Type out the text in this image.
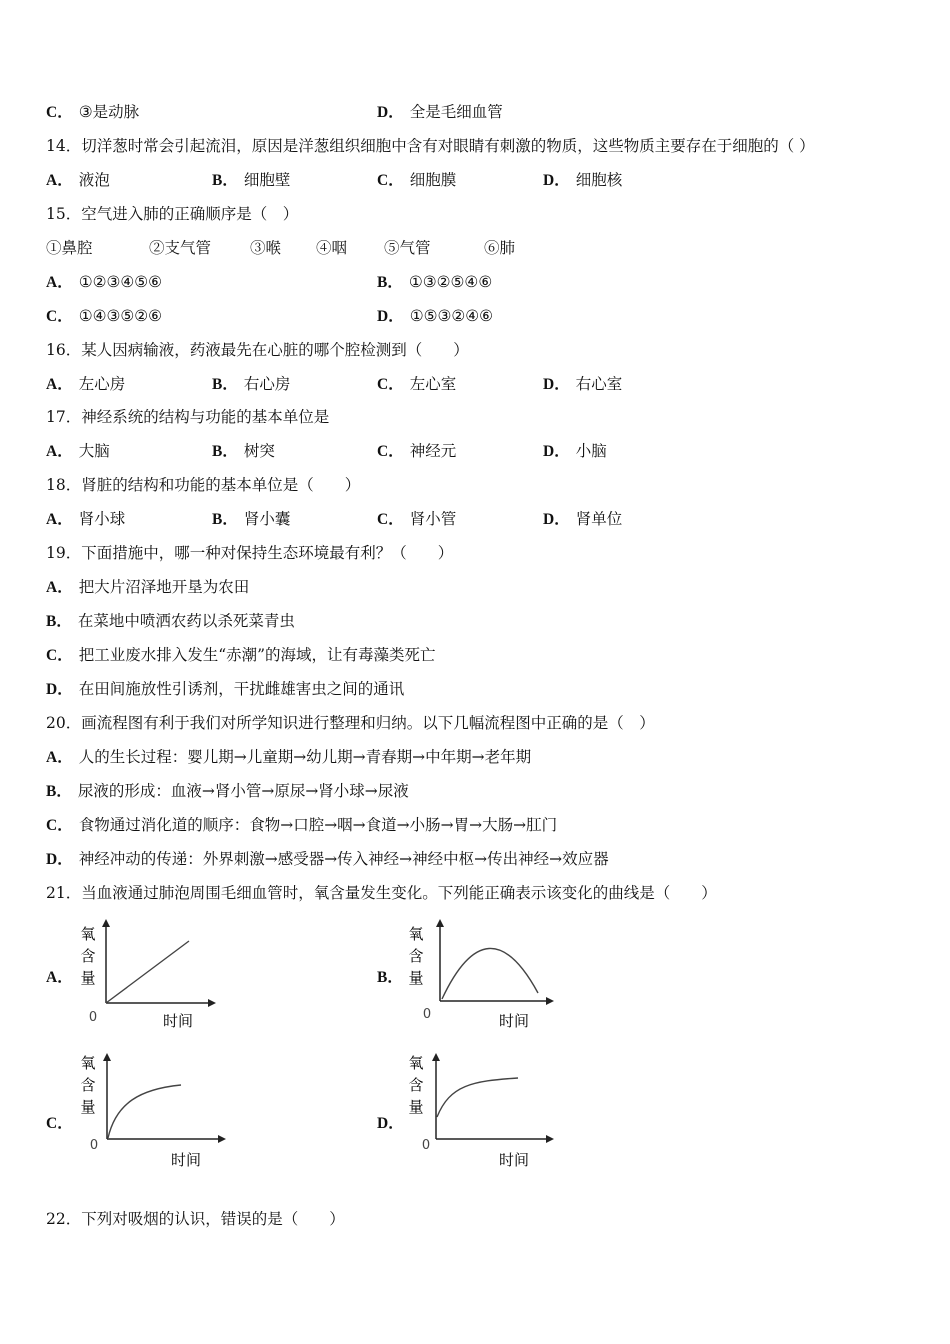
C． ③是动脉	D． 全是毛细血管
14．切洋葱时常会引起流泪，原因是洋葱组织细胞中含有对眼睛有刺激的物质，这些物质主要存在于细胞的（ ）
A． 液泡	B． 细胞壁	C． 细胞膜	D． 细胞核
15．空气进入肺的正确顺序是（　）
①鼻腔	②支气管	③喉 ④咽 ⑤气管	⑥肺
A． ①②③④⑤⑥	B． ①③②⑤④⑥
C． ①④③⑤②⑥	D． ①⑤③②④⑥
16．某人因病输液，药液最先在心脏的哪个腔检测到（　　）
A． 左心房	B． 右心房	C． 左心室	D． 右心室
17．神经系统的结构与功能的基本单位是
A． 大脑	B． 树突	C． 神经元	D． 小脑
18．肾脏的结构和功能的基本单位是（　　）
A． 肾小球	B． 肾小囊	C． 肾小管	D． 肾单位
19．下面措施中，哪一种对保持生态环境最有利？（　　）
A． 把大片沼泽地开垦为农田
B． 在菜地中喷洒农药以杀死菜青虫
C． 把工业废水排入发生“赤潮”的海域，让有毒藻类死亡
D． 在田间施放性引诱剂，干扰雌雄害虫之间的通讯
20．画流程图有利于我们对所学知识进行整理和归纳。以下几幅流程图中正确的是（　）
A． 人的生长过程：婴儿期→儿童期→幼儿期→青春期→中年期→老年期
B． 尿液的形成：血液→肾小管→原尿→肾小球→尿液
C． 食物通过消化道的顺序：食物→口腔→咽→食道→小肠→胃→大肠→肛门
D． 神经冲动的传递：外界刺激→感受器→传入神经→神经中枢→传出神经→效应器
21．当血液通过肺泡周围毛细血管时，氧含量发生变化。下列能正确表示该变化的曲线是（　　）
A．
氧
含
量
0	时间
B．
氧
含
量
0	时间
C．
氧
含
量
0
时间
D．
氧
含
量
0
时间
22．下列对吸烟的认识，错误的是（　　）
